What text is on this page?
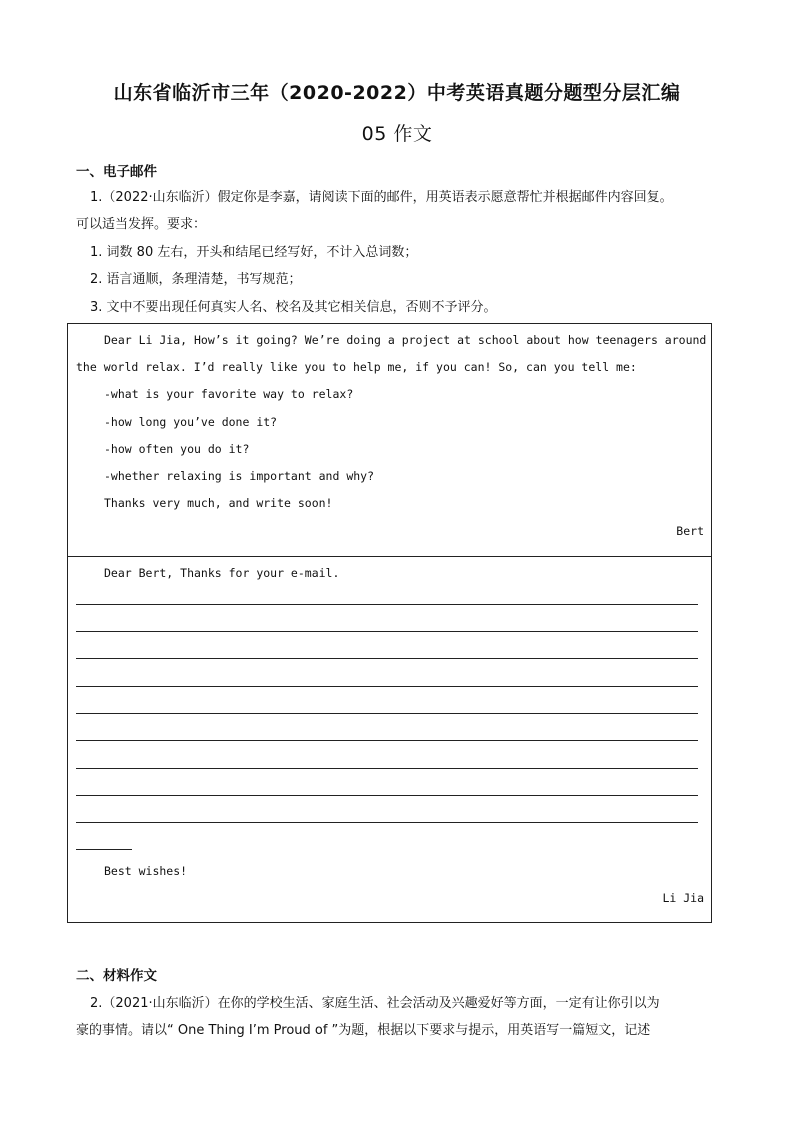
山东省临沂市三年（2020-2022）中考英语真题分题型分层汇编
05 作文
一、电子邮件
1.（2022·山东临沂）假定你是李嘉，请阅读下面的邮件，用英语表示愿意帮忙并根据邮件内容回复。
可以适当发挥。要求：
1. 词数 80 左右，开头和结尾已经写好，不计入总词数；
2. 语言通顺，条理清楚，书写规范；
3. 文中不要出现任何真实人名、校名及其它相关信息，否则不予评分。
Dear Li Jia, How’s it going? We’re doing a project at school about how teenagers around
the world relax. I’d really like you to help me, if you can! So, can you tell me:
-what is your favorite way to relax?
-how long you’ve done it?
-how often you do it?
-whether relaxing is important and why?
Thanks very much, and write soon!
Bert
Dear Bert, Thanks for your e-mail.
Best wishes!
Li Jia
二、材料作文
2.（2021·山东临沂）在你的学校生活、家庭生活、社会活动及兴趣爱好等方面，一定有让你引以为
豪的事情。请以“ One Thing I’m Proud of ”为题，根据以下要求与提示，用英语写一篇短文，记述
